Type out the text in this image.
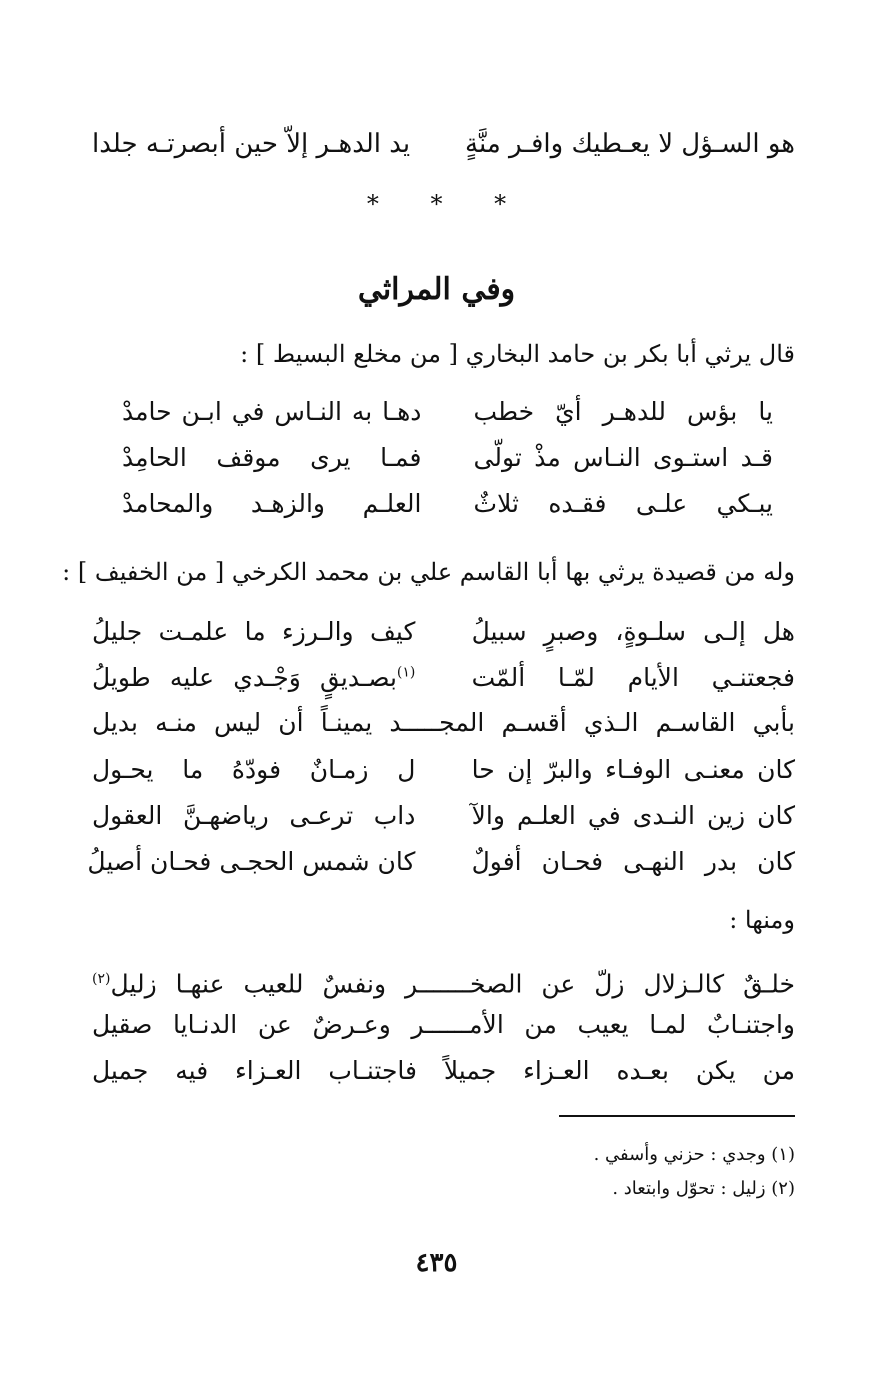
هو السـؤل لا يعـطيك وافـر منَّةٍ
يد الدهـر إلاّ حين أبصرتـه جلدا
* * *
وفي المراثي
قال يرثي أبا بكر بن حامد البخاري [ من مخلع البسيط ] :
يا بؤس للدهـر أيّ خطب
دهـا به النـاس في ابـن حامدْ
قـد استـوى النـاس مذْ تولّى
فمـا يرى موقف الحامِدْ
يبـكي علـى فقـده ثلاثٌ
العلـم والزهـد والمحامدْ
وله من قصيدة يرثي بها أبا القاسم علي بن محمد الكرخي [ من الخفيف ] :
هل إلـى سلـوةٍ، وصبرٍ سبيلُ
كيف والـرزء ما علمـت جليلُ
فجعتنـي الأيام لمّـا ألمّت
$^{(١)}$بصـديقٍ وَجْـدي عليه طويلُ
بأبي القاسـم الـذي أقسـم المجـــــد يمينـاً أن ليس منـه بديل
كان معنـى الوفـاء والبرّ إن حا
ل زمـانٌ فودّهُ ما يحـول
كان زين النـدى في العلـم والآ
داب ترعـى رياضهـنَّ العقول
كان بدر النهـى فحـان أفولٌ
كان شمس الحجـى فحـان أصيلُ
ومنها :
خلـقٌ كالـزلال زلّ عن الصخـــــــر ونفسٌ للعيب عنهـا زليل$^{(٢)}$
واجتنـابٌ لمـا يعيب من الأمــــــر وعـرضٌ عن الدنـايا صقيل
من يكن بعـده العـزاء جميلاً فاجتنـاب العـزاء فيه جميل
(١) وجدي : حزني وأسفي .
(٢) زليل : تحوّل وابتعاد .
٤٣٥
